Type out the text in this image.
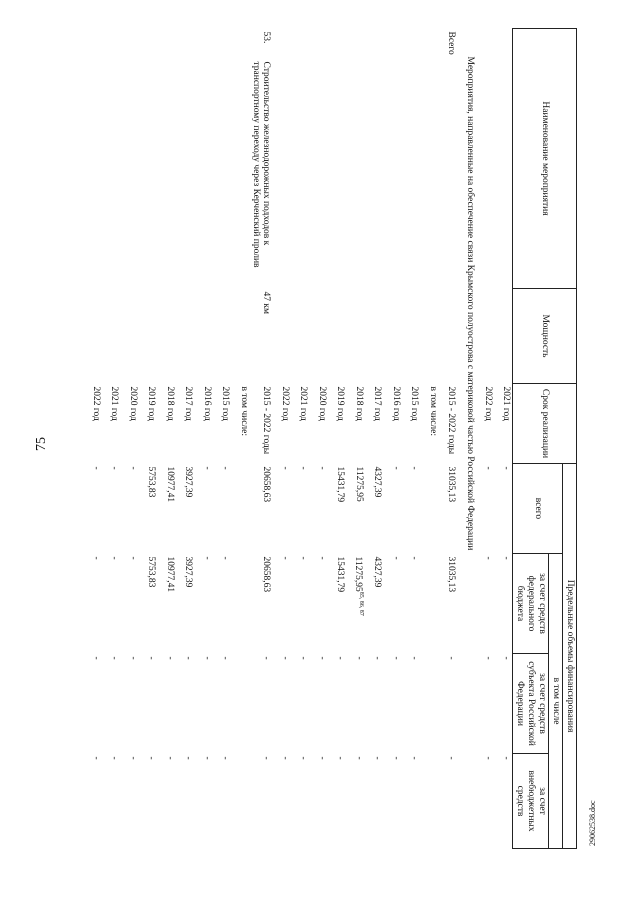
75
Наименование мероприятия		Мощность	Срок реализации	Предельные объемы финансирования			
				всего	в том числе		
					за счет средств федерального бюджета	за счет средств субъекта Российской Федерации	за счет внебюджетных средств
			2021 год	-	-	-	-
			2022 год	-	-	-	-
Мероприятия, направленные на обеспечение связи Крымского полуострова с материковой частью Российской Федерации							
Всего			2015 - 2022 годы	31035,13	31035,13	-	-
			в том числе:				
			2015 год	-	-	-	-
			2016 год	-	-	-	-
			2017 год	4327,39	4327,39	-	-
			2018 год	11275,95	11275,95$^{85, 86, 87}$	-	-
			2019 год	15431,79	15431,79	-	-
			2020 год	-	-	-	-
			2021 год	-	-	-	-
			2022 год	-	-	-	-
53.	Строительство железнодорожных подходов к транспортному переходу через Керченский пролив	47 км	2015 - 2022 годы	20658,63	20658,63	-	-
			в том числе:				
			2015 год	-	-	-	-
			2016 год	-	-	-	-
			2017 год	3927,39	3927,39	-	-
			2018 год	10977,41	10977,41	-	-
			2019 год	5753,83	5753,83	-	-
			2020 год	-	-	-	-
			2021 год	-	-	-	-
			2022 год	-	-	-	-
29062538.doc
